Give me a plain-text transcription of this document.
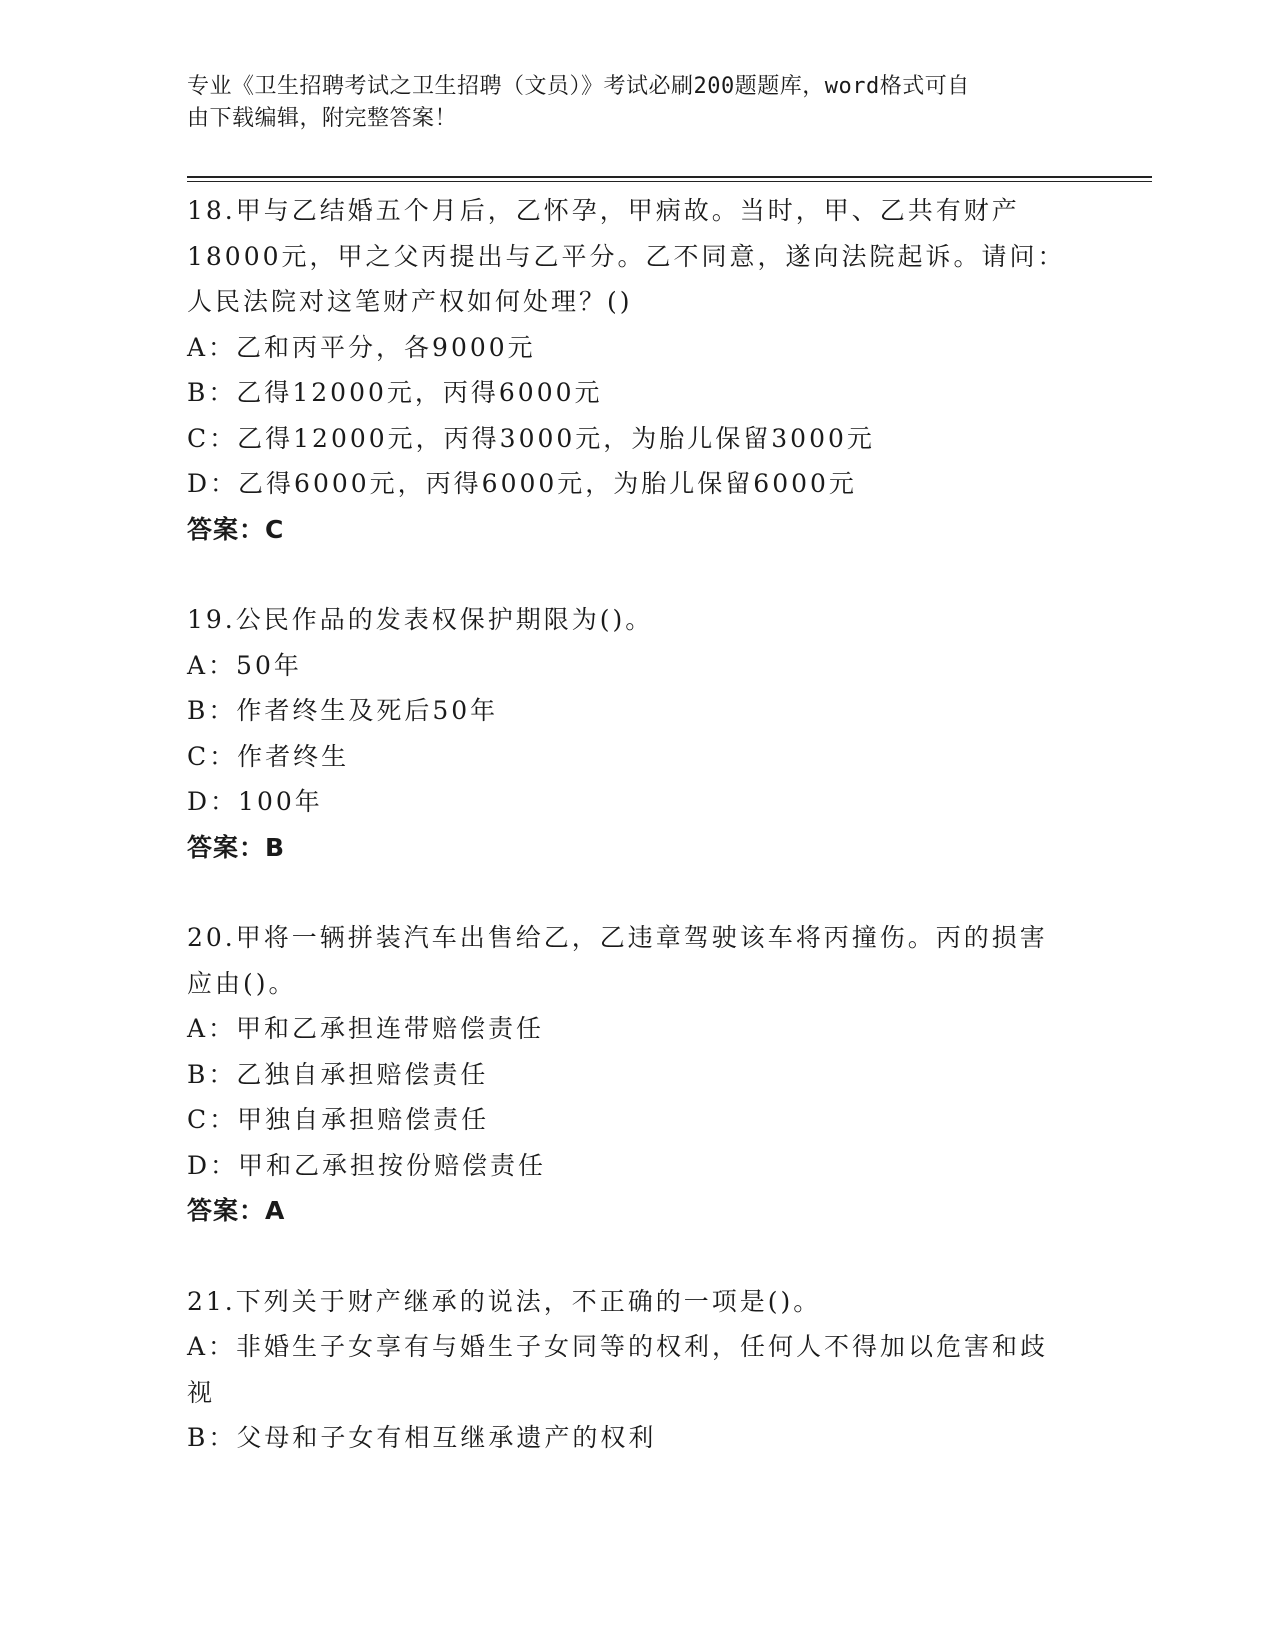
专业《卫生招聘考试之卫生招聘（文员）》考试必刷200题题库，word格式可自
由下载编辑，附完整答案！
18.甲与乙结婚五个月后，乙怀孕，甲病故。当时，甲、乙共有财产
18000元，甲之父丙提出与乙平分。乙不同意，遂向法院起诉。请问：
人民法院对这笔财产权如何处理？()
A：乙和丙平分，各9000元
B：乙得12000元，丙得6000元
C：乙得12000元，丙得3000元，为胎儿保留3000元
D：乙得6000元，丙得6000元，为胎儿保留6000元
答案：C
19.公民作品的发表权保护期限为()。
A：50年
B：作者终生及死后50年
C：作者终生
D：100年
答案：B
20.甲将一辆拼装汽车出售给乙，乙违章驾驶该车将丙撞伤。丙的损害
应由()。
A：甲和乙承担连带赔偿责任
B：乙独自承担赔偿责任
C：甲独自承担赔偿责任
D：甲和乙承担按份赔偿责任
答案：A
21.下列关于财产继承的说法，不正确的一项是()。
A：非婚生子女享有与婚生子女同等的权利，任何人不得加以危害和歧
视
B：父母和子女有相互继承遗产的权利
